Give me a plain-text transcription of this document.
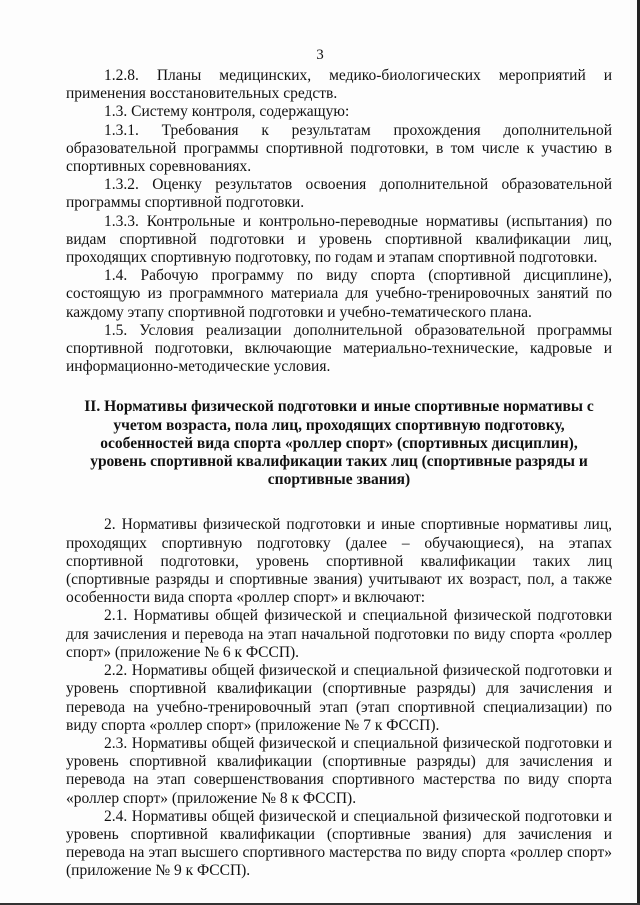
3

1.2.8. Планы медицинских, медико-биологических мероприятий и применения восстановительных средств.

1.3. Систему контроля, содержащую:

1.3.1. Требования к результатам прохождения дополнительной образовательной программы спортивной подготовки, в том числе к участию в спортивных соревнованиях.

1.3.2. Оценку результатов освоения дополнительной образовательной программы спортивной подготовки.

1.3.3. Контрольные и контрольно-переводные нормативы (испытания) по видам спортивной подготовки и уровень спортивной квалификации лиц, проходящих спортивную подготовку, по годам и этапам спортивной подготовки.

1.4. Рабочую программу по виду спорта (спортивной дисциплине), состоящую из программного материала для учебно-тренировочных занятий по каждому этапу спортивной подготовки и учебно-тематического плана.

1.5. Условия реализации дополнительной образовательной программы спортивной подготовки, включающие материально-технические, кадровые и информационно-методические условия.

II. Нормативы физической подготовки и иные спортивные нормативы с учетом возраста, пола лиц, проходящих спортивную подготовку, особенностей вида спорта «роллер спорт» (спортивных дисциплин), уровень спортивной квалификации таких лиц (спортивные разряды и спортивные звания)

2. Нормативы физической подготовки и иные спортивные нормативы лиц, проходящих спортивную подготовку (далее – обучающиеся), на этапах спортивной подготовки, уровень спортивной квалификации таких лиц (спортивные разряды и спортивные звания) учитывают их возраст, пол, а также особенности вида спорта «роллер спорт» и включают:

2.1. Нормативы общей физической и специальной физической подготовки для зачисления и перевода на этап начальной подготовки по виду спорта «роллер спорт» (приложение № 6 к ФССП).

2.2. Нормативы общей физической и специальной физической подготовки и уровень спортивной квалификации (спортивные разряды) для зачисления и перевода на учебно-тренировочный этап (этап спортивной специализации) по виду спорта «роллер спорт» (приложение № 7 к ФССП).

2.3. Нормативы общей физической и специальной физической подготовки и уровень спортивной квалификации (спортивные разряды) для зачисления и перевода на этап совершенствования спортивного мастерства по виду спорта «роллер спорт» (приложение № 8 к ФССП).

2.4. Нормативы общей физической и специальной физической подготовки и уровень спортивной квалификации (спортивные звания) для зачисления и перевода на этап высшего спортивного мастерства по виду спорта «роллер спорт» (приложение № 9 к ФССП).
